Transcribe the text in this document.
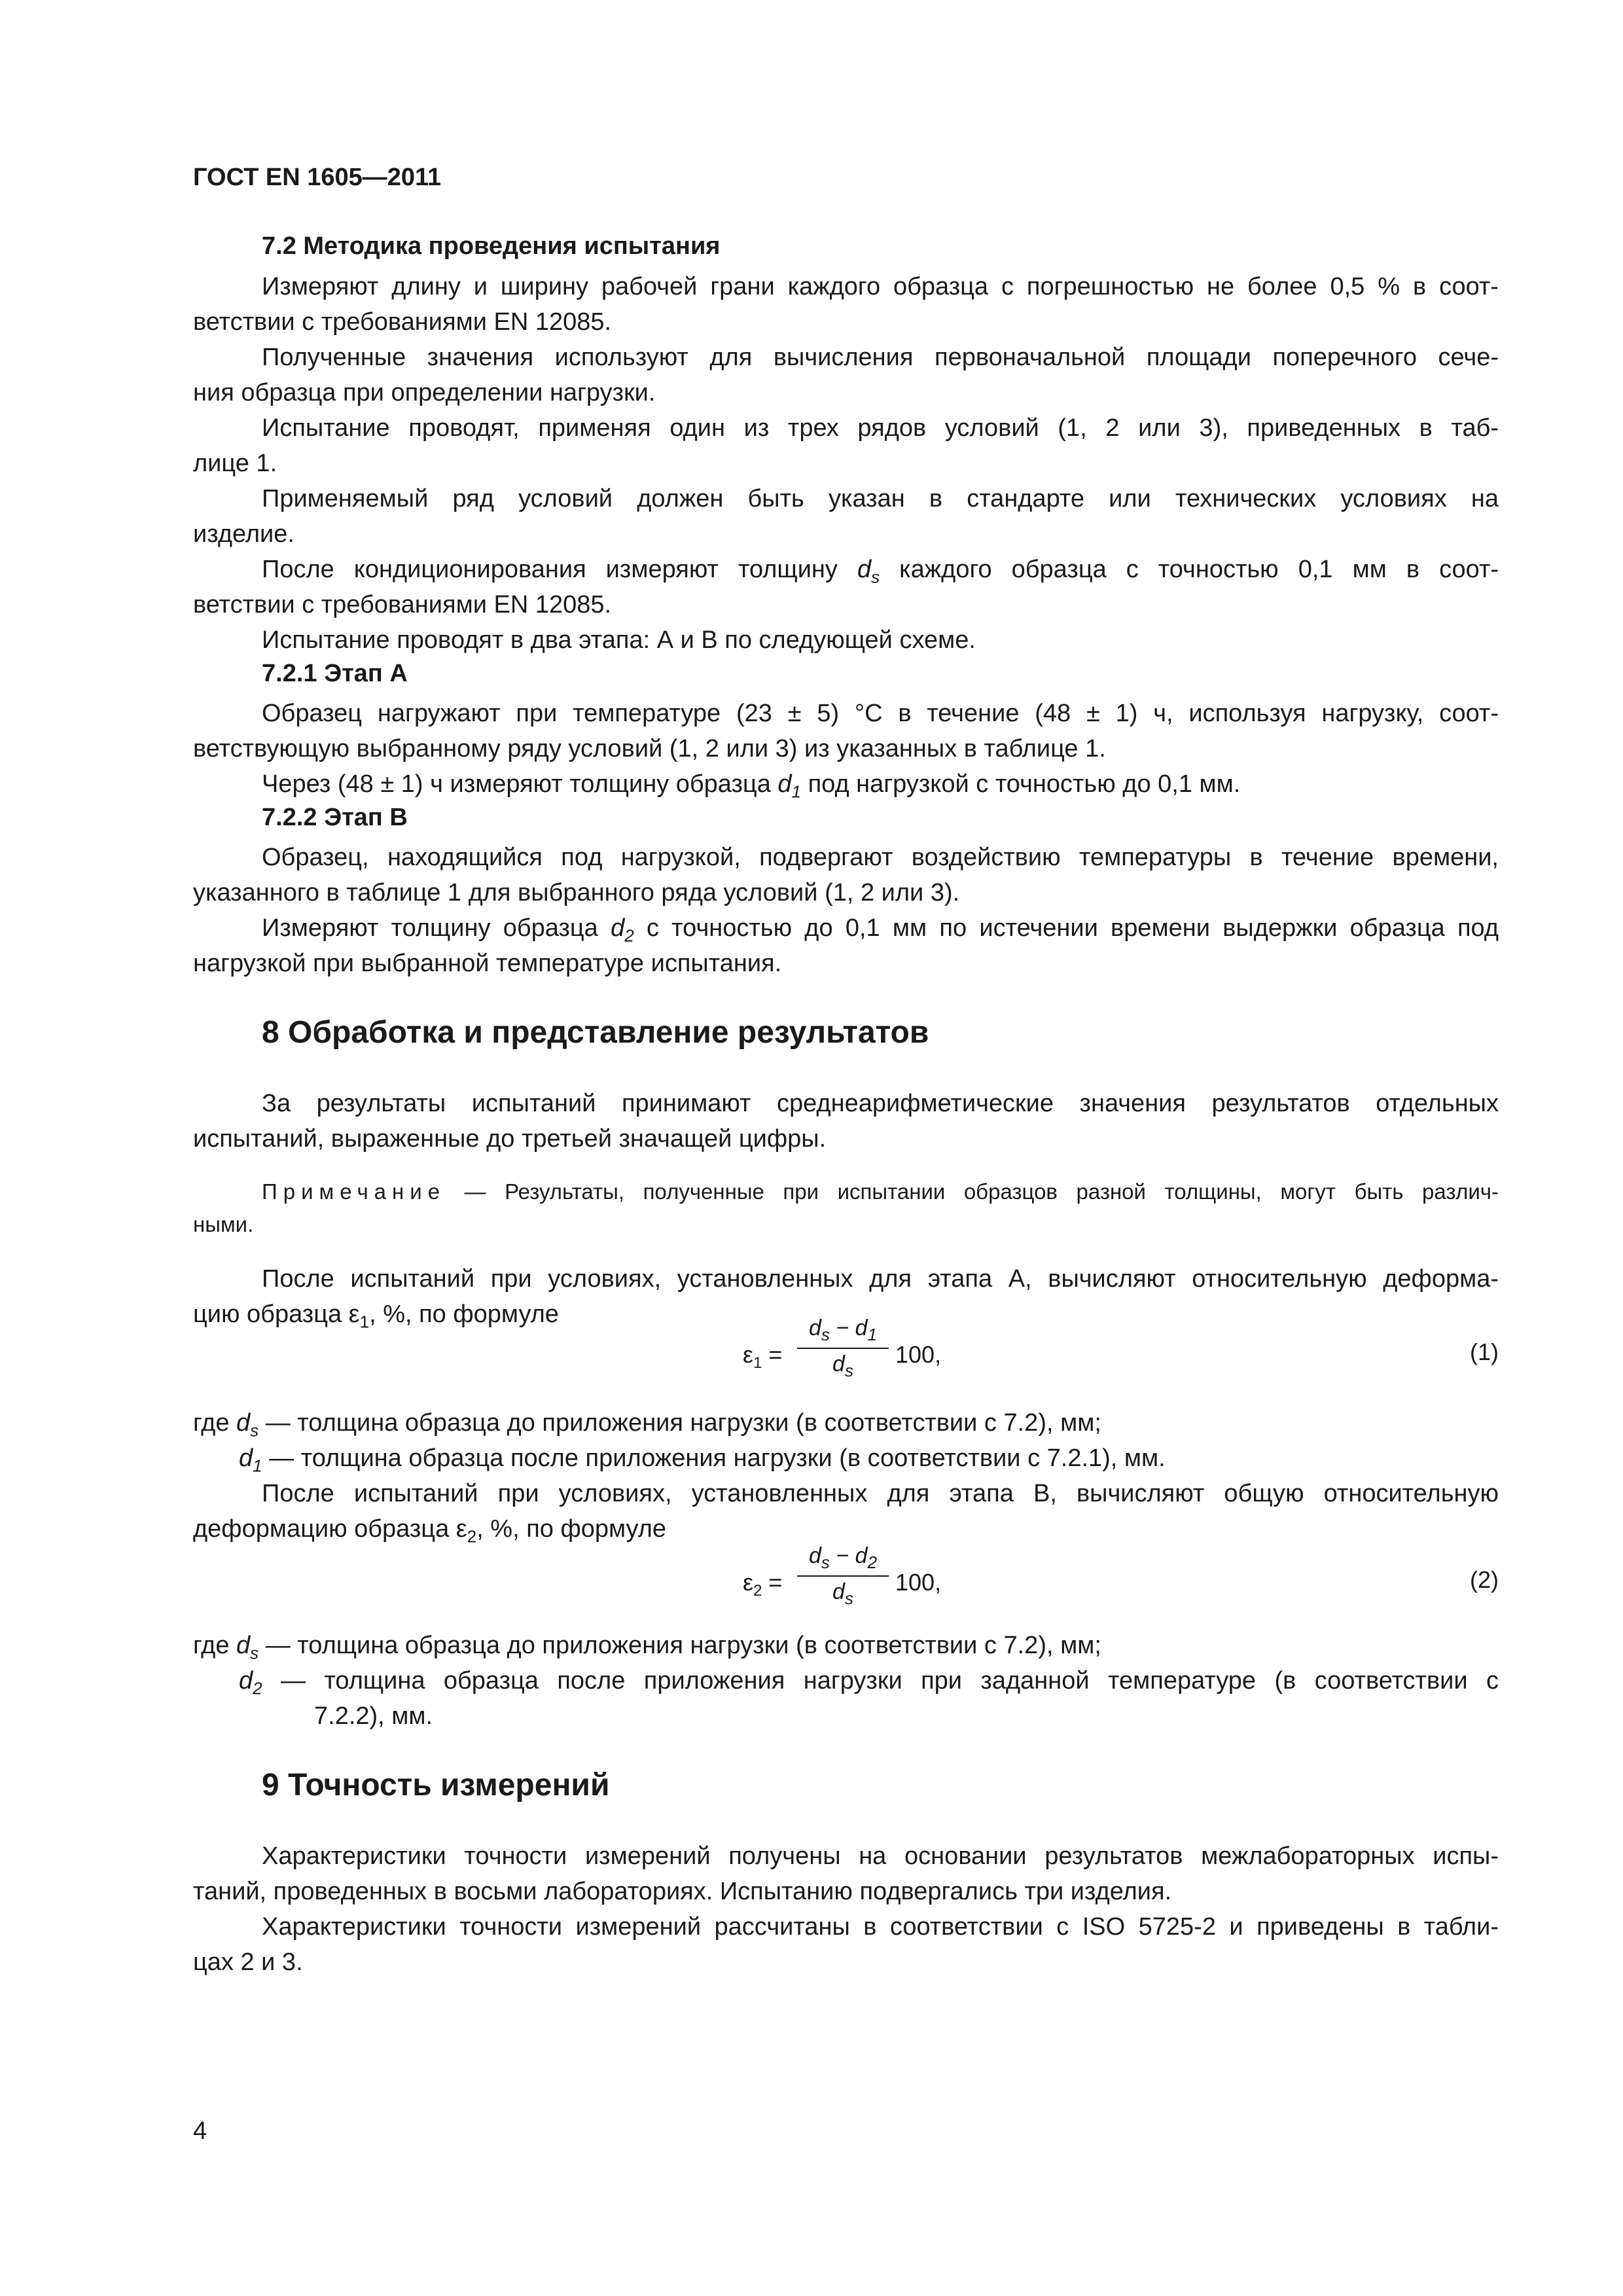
ГОСТ EN 1605—2011
7.2 Методика проведения испытания
Измеряют длину и ширину рабочей грани каждого образца с погрешностью не более 0,5 % в соот-
ветствии с требованиями EN 12085.
Полученные значения используют для вычисления первоначальной площади поперечного сече-
ния образца при определении нагрузки.
Испытание проводят, применяя один из трех рядов условий (1, 2 или 3), приведенных в таб-
лице 1.
Применяемый ряд условий должен быть указан в стандарте или технических условиях на
изделие.
После кондиционирования измеряют толщину $d_s$ каждого образца с точностью 0,1 мм в соот-
ветствии с требованиями EN 12085.
Испытание проводят в два этапа: А и В по следующей схеме.
7.2.1 Этап А
Образец нагружают при температуре (23 ± 5) °С в течение (48 ± 1) ч, используя нагрузку, соот-
ветствующую выбранному ряду условий (1, 2 или 3) из указанных в таблице 1.
Через (48 ± 1) ч измеряют толщину образца $d_1$ под нагрузкой с точностью до 0,1 мм.
7.2.2 Этап В
Образец, находящийся под нагрузкой, подвергают воздействию температуры в течение времени,
указанного в таблице 1 для выбранного ряда условий (1, 2 или 3).
Измеряют толщину образца $d_2$ с точностью до 0,1 мм по истечении времени выдержки образца под
нагрузкой при выбранной температуре испытания.
8 Обработка и представление результатов
За результаты испытаний принимают среднеарифметические значения результатов отдельных
испытаний, выраженные до третьей значащей цифры.
Примечание — Результаты, полученные при испытании образцов разной толщины, могут быть различ-
ными.
После испытаний при условиях, установленных для этапа А, вычисляют относительную деформа-
цию образца $\varepsilon_1$, %, по формуле
$\varepsilon_1 = \frac{d_s - d_1}{d_s} 100$,	(1)
где $d_s$ — толщина образца до приложения нагрузки (в соответствии с 7.2), мм;
$d_1$ — толщина образца после приложения нагрузки (в соответствии с 7.2.1), мм.
После испытаний при условиях, установленных для этапа В, вычисляют общую относительную
деформацию образца $\varepsilon_2$, %, по формуле
$\varepsilon_2 = \frac{d_s - d_2}{d_s} 100$,	(2)
где $d_s$ — толщина образца до приложения нагрузки (в соответствии с 7.2), мм;
$d_2$ — толщина образца после приложения нагрузки при заданной температуре (в соответствии с
7.2.2), мм.
9 Точность измерений
Характеристики точности измерений получены на основании результатов межлабораторных испы-
таний, проведенных в восьми лабораториях. Испытанию подвергались три изделия.
Характеристики точности измерений рассчитаны в соответствии с ISO 5725-2 и приведены в табли-
цах 2 и 3.
4
